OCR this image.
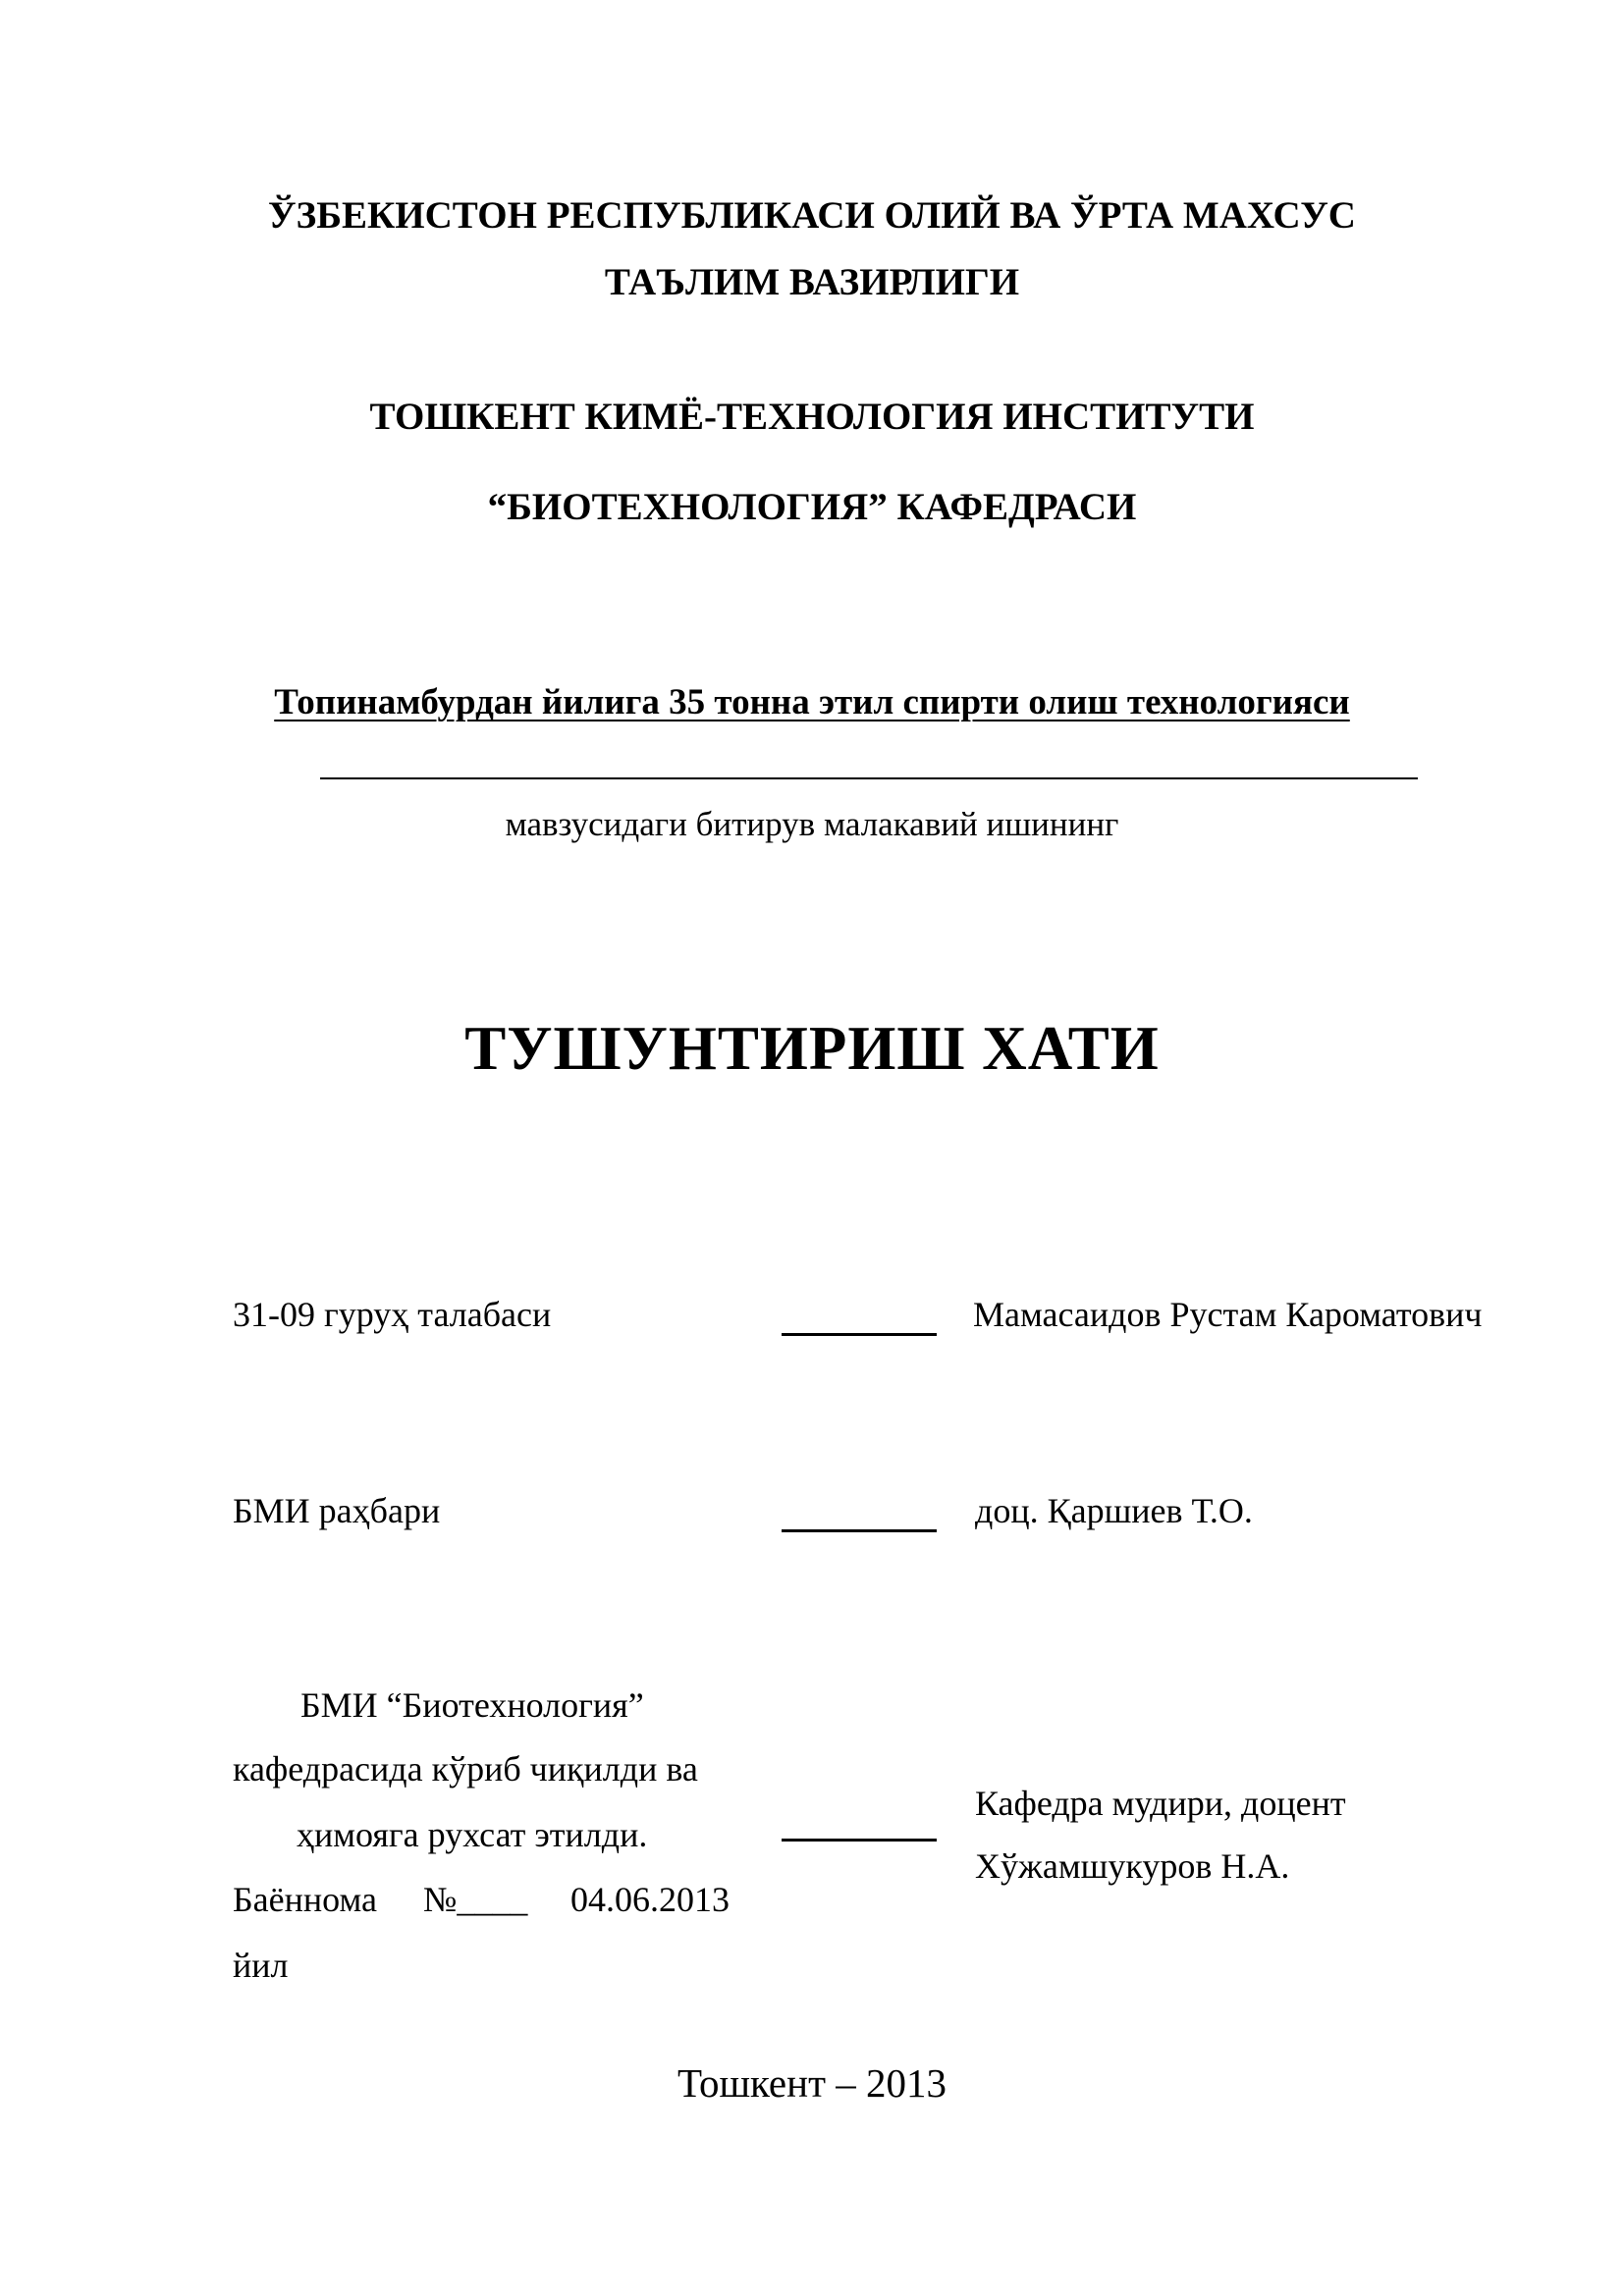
ЎЗБЕКИСТОН РЕСПУБЛИКАСИ ОЛИЙ ВА ЎРТА МАХСУС
ТАЪЛИМ ВАЗИРЛИГИ
ТОШКЕНТ КИМЁ-ТЕХНОЛОГИЯ ИНСТИТУТИ
“БИОТЕХНОЛОГИЯ” КАФЕДРАСИ
Топинамбурдан йилига 35 тонна этил спирти олиш технологияси
мавзусидаги битирув малакавий ишининг
ТУШУНТИРИШ ХАТИ
31-09 гуруҳ талабаси	Мамасаидов Рустам Кароматович
БМИ раҳбари	доц. Қаршиев Т.О.
БМИ “Биотехнология”
кафедрасида кўриб чиқилди ва
ҳимояга рухсат этилди.
Баённома №____ 04.06.2013
йил
Кафедра мудири, доцент
Хўжамшукуров Н.А.
Тошкент – 2013
